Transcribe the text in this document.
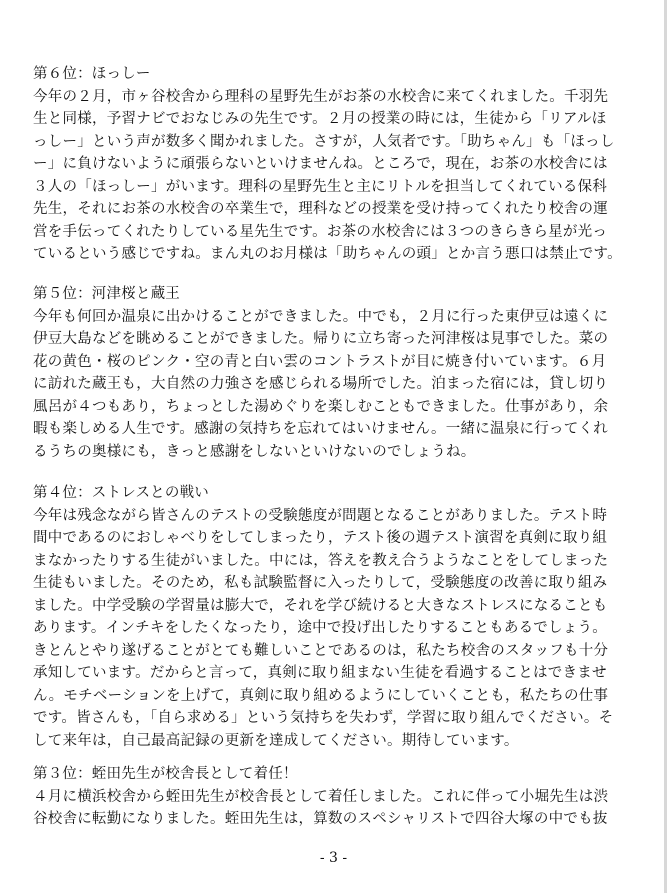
第６位：ほっしー
今年の２月，市ヶ谷校舎から理科の星野先生がお茶の水校舎に来てくれました。千羽先
生と同様，予習ナビでおなじみの先生です。２月の授業の時には，生徒から「リアルほ
っしー」という声が数多く聞かれました。さすが，人気者です。「助ちゃん」も「ほっし
ー」に負けないように頑張らないといけませんね。ところで，現在，お茶の水校舎には
３人の「ほっしー」がいます。理科の星野先生と主にリトルを担当してくれている保科
先生，それにお茶の水校舎の卒業生で，理科などの授業を受け持ってくれたり校舎の運
営を手伝ってくれたりしている星先生です。お茶の水校舎には３つのきらきら星が光っ
ているという感じですね。まん丸のお月様は「助ちゃんの頭」とか言う悪口は禁止です。
第５位：河津桜と蔵王
今年も何回か温泉に出かけることができました。中でも，２月に行った東伊豆は遠くに
伊豆大島などを眺めることができました。帰りに立ち寄った河津桜は見事でした。菜の
花の黄色・桜のピンク・空の青と白い雲のコントラストが目に焼き付いています。６月
に訪れた蔵王も，大自然の力強さを感じられる場所でした。泊まった宿には，貸し切り
風呂が４つもあり，ちょっとした湯めぐりを楽しむこともできました。仕事があり，余
暇も楽しめる人生です。感謝の気持ちを忘れてはいけません。一緒に温泉に行ってくれ
るうちの奥様にも，きっと感謝をしないといけないのでしょうね。
第４位：ストレスとの戦い
今年は残念ながら皆さんのテストの受験態度が問題となることがありました。テスト時
間中であるのにおしゃべりをしてしまったり，テスト後の週テスト演習を真剣に取り組
まなかったりする生徒がいました。中には，答えを教え合うようなことをしてしまった
生徒もいました。そのため，私も試験監督に入ったりして，受験態度の改善に取り組み
ました。中学受験の学習量は膨大で，それを学び続けると大きなストレスになることも
あります。インチキをしたくなったり，途中で投げ出したりすることもあるでしょう。
きとんとやり遂げることがとても難しいことであるのは，私たち校舎のスタッフも十分
承知しています。だからと言って，真剣に取り組まない生徒を看過することはできませ
ん。モチベーションを上げて，真剣に取り組めるようにしていくことも，私たちの仕事
です。皆さんも，「自ら求める」という気持ちを失わず，学習に取り組んでください。そ
して来年は，自己最高記録の更新を達成してください。期待しています。
第３位：蛭田先生が校舎長として着任！
４月に横浜校舎から蛭田先生が校舎長として着任しました。これに伴って小堀先生は渋
谷校舎に転勤になりました。蛭田先生は，算数のスペシャリストで四谷大塚の中でも抜
- 3 -
